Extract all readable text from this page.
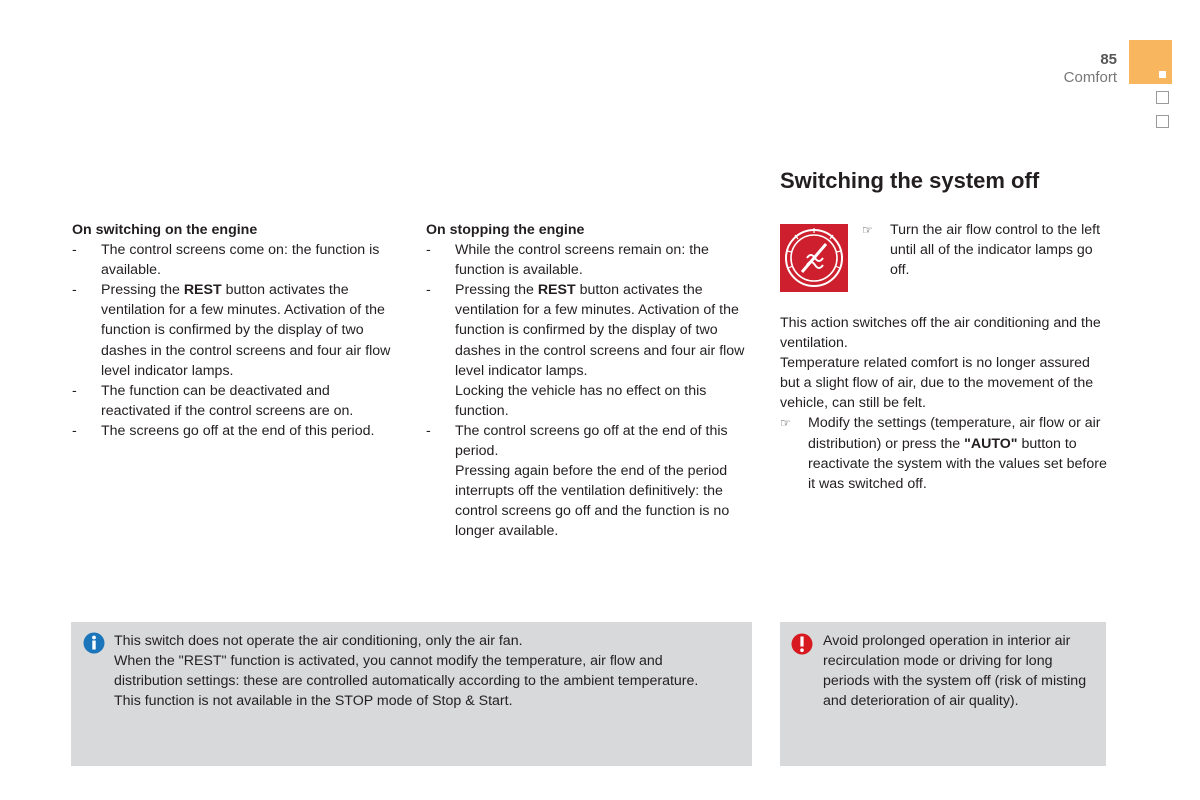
85
Comfort
Switching the system off
On switching on the engine
- The control screens come on: the function is available.
- Pressing the REST button activates the ventilation for a few minutes. Activation of the function is confirmed by the display of two dashes in the control screens and four air flow level indicator lamps.
- The function can be deactivated and reactivated if the control screens are on.
- The screens go off at the end of this period.
On stopping the engine
- While the control screens remain on: the function is available.
- Pressing the REST button activates the ventilation for a few minutes. Activation of the function is confirmed by the display of two dashes in the control screens and four air flow level indicator lamps.
Locking the vehicle has no effect on this function.
- The control screens go off at the end of this period.
Pressing again before the end of the period interrupts off the ventilation definitively: the control screens go off and the function is no longer available.
☞ Turn the air flow control to the left until all of the indicator lamps go off.
This action switches off the air conditioning and the ventilation.
Temperature related comfort is no longer assured but a slight flow of air, due to the movement of the vehicle, can still be felt.
☞ Modify the settings (temperature, air flow or air distribution) or press the "AUTO" button to reactivate the system with the values set before it was switched off.

This switch does not operate the air conditioning, only the air fan.

When the "REST" function is activated, you cannot modify the temperature, air flow and distribution settings: these are controlled automatically according to the ambient temperature.

This function is not available in the STOP mode of Stop & Start.

Avoid prolonged operation in interior air recirculation mode or driving for long periods with the system off (risk of misting and deterioration of air quality).
